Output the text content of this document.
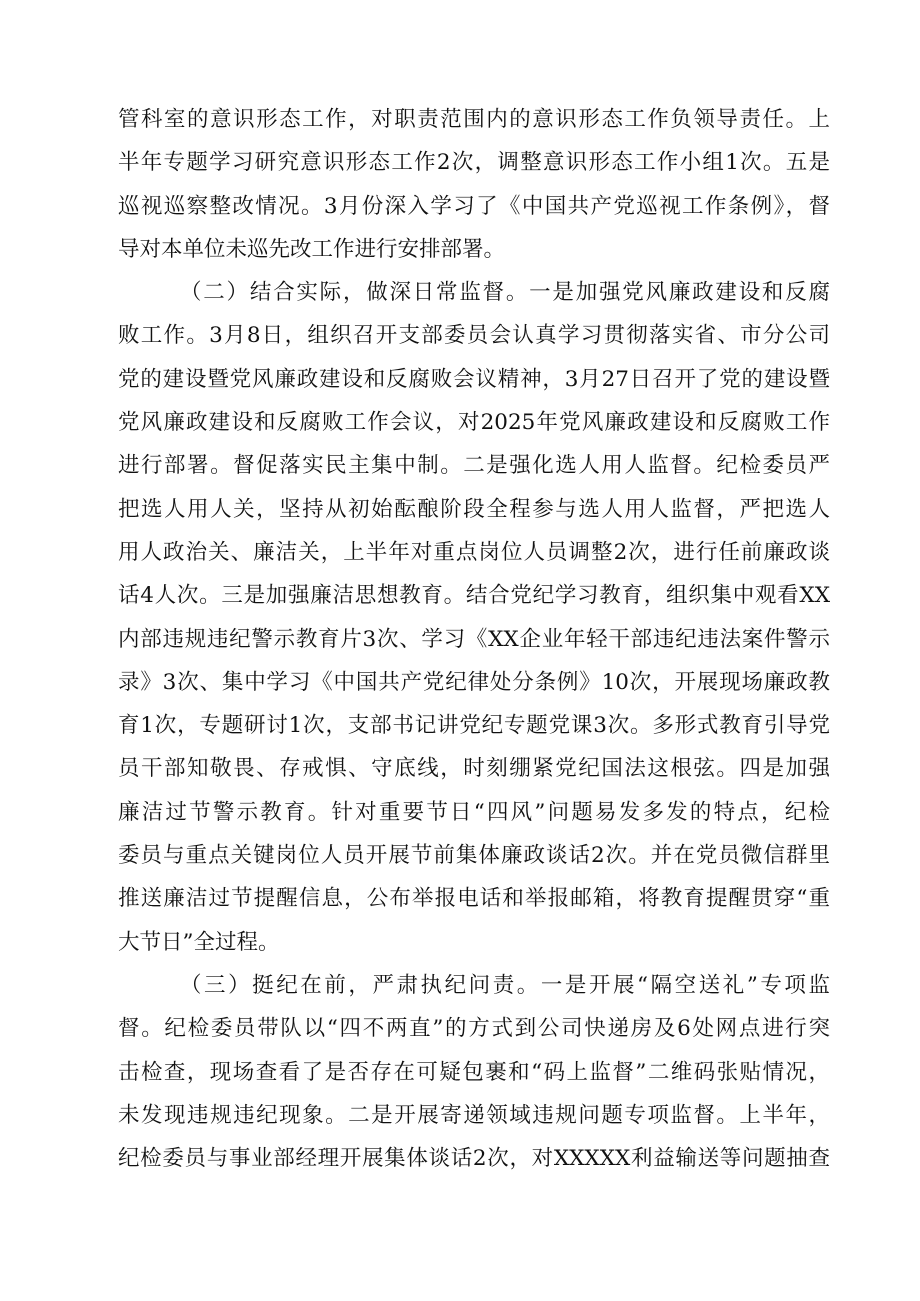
管科室的意识形态工作，对职责范围内的意识形态工作负领导责任。上
半年专题学习研究意识形态工作2次，调整意识形态工作小组1次。五是
巡视巡察整改情况。3月份深入学习了《中国共产党巡视工作条例》，督
导对本单位未巡先改工作进行安排部署。
（二）结合实际，做深日常监督。一是加强党风廉政建设和反腐
败工作。3月8日，组织召开支部委员会认真学习贯彻落实省、市分公司
党的建设暨党风廉政建设和反腐败会议精神，3月27日召开了党的建设暨
党风廉政建设和反腐败工作会议，对2025年党风廉政建设和反腐败工作
进行部署。督促落实民主集中制。二是强化选人用人监督。纪检委员严
把选人用人关，坚持从初始酝酿阶段全程参与选人用人监督，严把选人
用人政治关、廉洁关，上半年对重点岗位人员调整2次，进行任前廉政谈
话4人次。三是加强廉洁思想教育。结合党纪学习教育，组织集中观看XX
内部违规违纪警示教育片3次、学习《XX企业年轻干部违纪违法案件警示
录》3次、集中学习《中国共产党纪律处分条例》10次，开展现场廉政教
育1次，专题研讨1次，支部书记讲党纪专题党课3次。多形式教育引导党
员干部知敬畏、存戒惧、守底线，时刻绷紧党纪国法这根弦。四是加强
廉洁过节警示教育。针对重要节日“四风”问题易发多发的特点，纪检
委员与重点关键岗位人员开展节前集体廉政谈话2次。并在党员微信群里
推送廉洁过节提醒信息，公布举报电话和举报邮箱，将教育提醒贯穿“重
大节日”全过程。
（三）挺纪在前，严肃执纪问责。一是开展“隔空送礼”专项监
督。纪检委员带队以“四不两直”的方式到公司快递房及6处网点进行突
击检查，现场查看了是否存在可疑包裹和“码上监督”二维码张贴情况，
未发现违规违纪现象。二是开展寄递领域违规问题专项监督。上半年，
纪检委员与事业部经理开展集体谈话2次，对XXXXX利益输送等问题抽查
